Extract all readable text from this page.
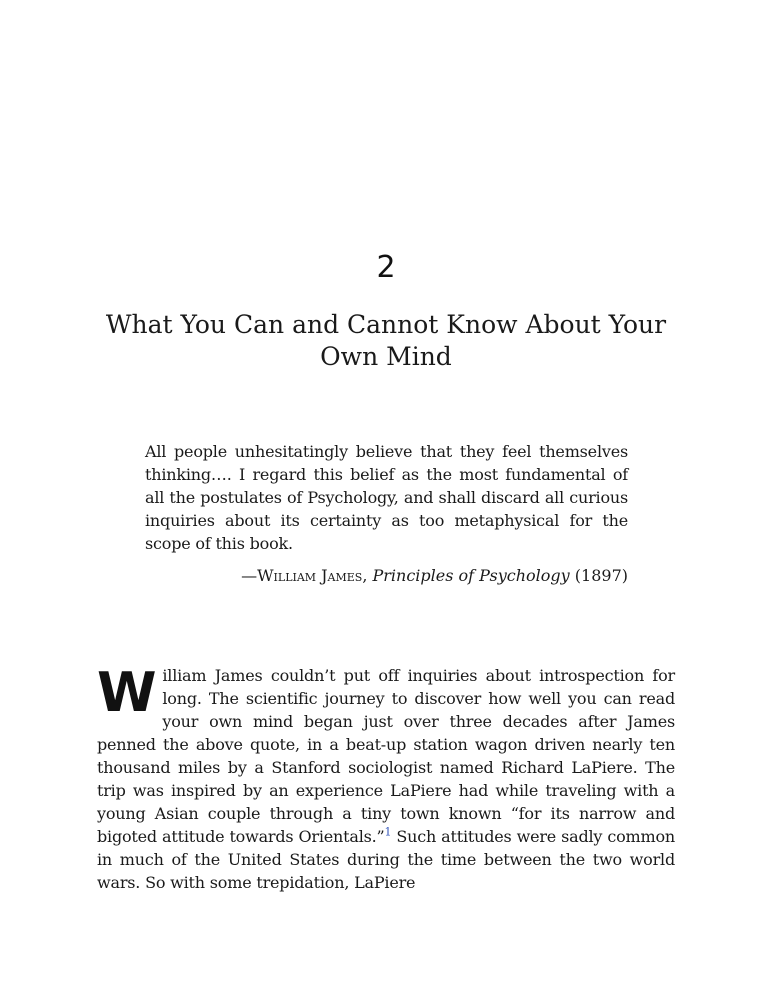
2
What You Can and Cannot Know About Your Own Mind
All people unhesitatingly believe that they feel themselves thinking…. I regard this belief as the most fundamental of all the postulates of Psychology, and shall discard all curious inquiries about its certainty as too metaphysical for the scope of this book.
—William James, Principles of Psychology (1897)
William James couldn’t put off inquiries about introspection for long. The scientific journey to discover how well you can read your own mind began just over three decades after James penned the above quote, in a beat-up station wagon driven nearly ten thousand miles by a Stanford sociologist named Richard LaPiere. The trip was inspired by an experience LaPiere had while traveling with a young Asian couple through a tiny town known “for its narrow and bigoted attitude towards Orientals.”$^1$ Such attitudes were sadly common in much of the United States during the time between the two world wars. So with some trepidation, LaPiere
